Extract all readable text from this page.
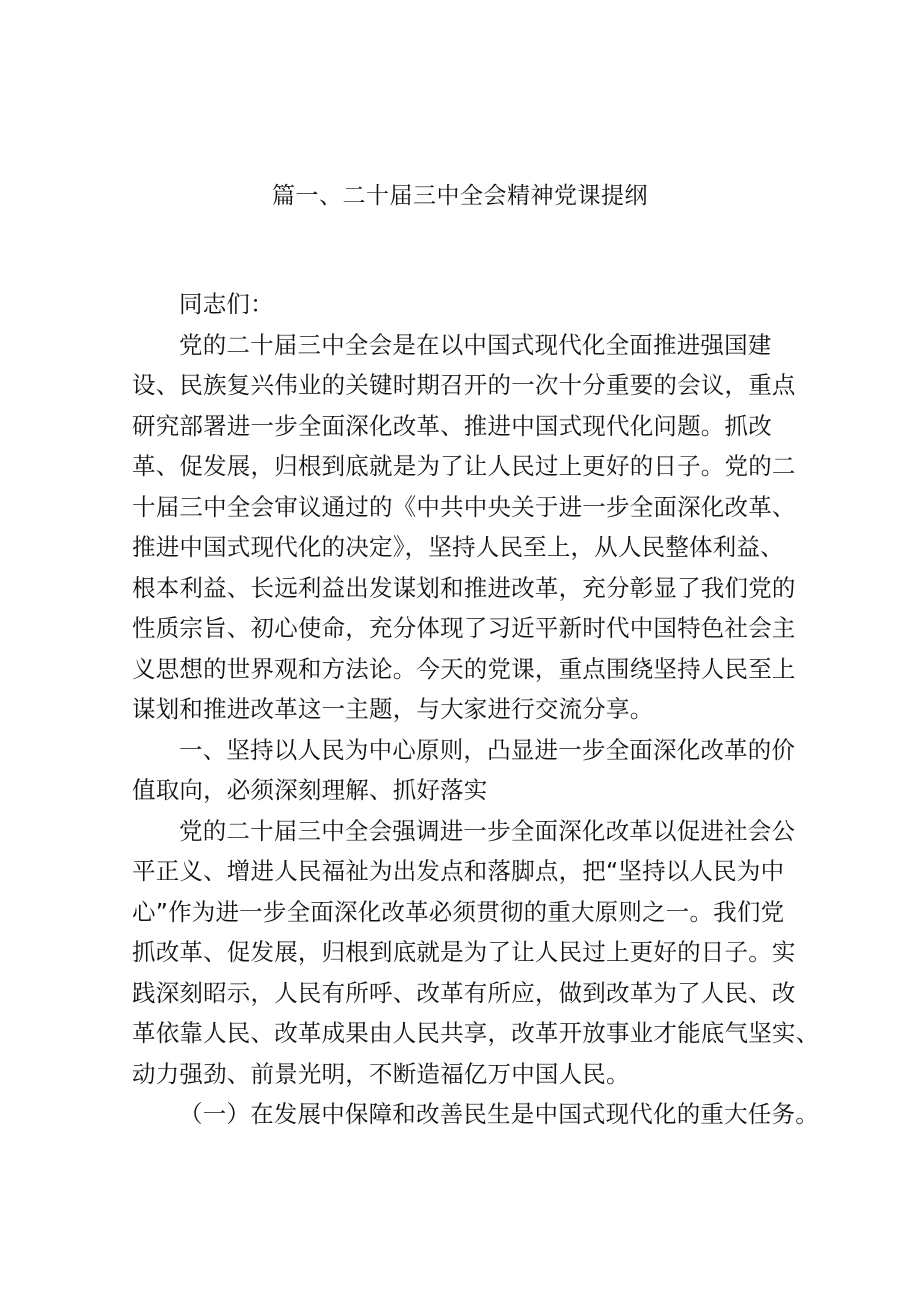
篇一、二十届三中全会精神党课提纲
同志们：
党的二十届三中全会是在以中国式现代化全面推进强国建
设、民族复兴伟业的关键时期召开的一次十分重要的会议，重点
研究部署进一步全面深化改革、推进中国式现代化问题。抓改
革、促发展，归根到底就是为了让人民过上更好的日子。党的二
十届三中全会审议通过的《中共中央关于进一步全面深化改革、
推进中国式现代化的决定》，坚持人民至上，从人民整体利益、
根本利益、长远利益出发谋划和推进改革，充分彰显了我们党的
性质宗旨、初心使命，充分体现了习近平新时代中国特色社会主
义思想的世界观和方法论。今天的党课，重点围绕坚持人民至上
谋划和推进改革这一主题，与大家进行交流分享。
一、坚持以人民为中心原则，凸显进一步全面深化改革的价
值取向，必须深刻理解、抓好落实
党的二十届三中全会强调进一步全面深化改革以促进社会公
平正义、增进人民福祉为出发点和落脚点，把“坚持以人民为中
心”作为进一步全面深化改革必须贯彻的重大原则之一。我们党
抓改革、促发展，归根到底就是为了让人民过上更好的日子。实
践深刻昭示，人民有所呼、改革有所应，做到改革为了人民、改
革依靠人民、改革成果由人民共享，改革开放事业才能底气坚实、
动力强劲、前景光明，不断造福亿万中国人民。
（一）在发展中保障和改善民生是中国式现代化的重大任务。
